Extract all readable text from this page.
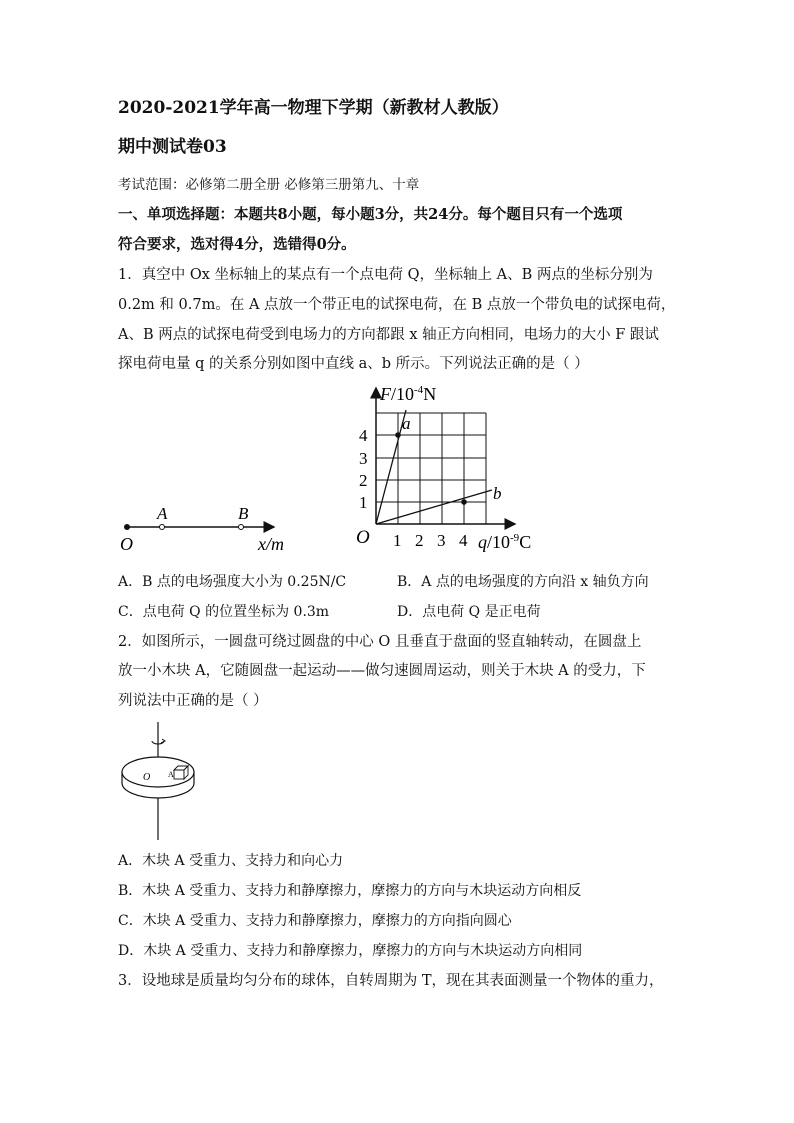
2020-2021学年高一物理下学期（新教材人教版）
期中测试卷03
考试范围：必修第二册全册 必修第三册第九、十章
一、单项选择题：本题共8小题，每小题3分，共24分。每个题目只有一个选项
符合要求，选对得4分，选错得0分。
1．真空中 Ox 坐标轴上的某点有一个点电荷 Q，坐标轴上 A、B 两点的坐标分别为
0.2m 和 0.7m。在 A 点放一个带正电的试探电荷，在 B 点放一个带负电的试探电荷，
A、B 两点的试探电荷受到电场力的方向都跟 x 轴正方向相同，电场力的大小 F 跟试
探电荷电量 q 的关系分别如图中直线 a、b 所示。下列说法正确的是（ ）
O
A	B
x/m
$F/10^{-4}N$
$q/10^{-9}C$
O 1 2 3 4
1
2
3
4
a
b
A．B 点的电场强度大小为 0.25N/C	B．A 点的电场强度的方向沿 x 轴负方向
C．点电荷 Q 的位置坐标为 0.3m	D．点电荷 Q 是正电荷
2．如图所示，一圆盘可绕过圆盘的中心 O 且垂直于盘面的竖直轴转动，在圆盘上
放一小木块 A，它随圆盘一起运动——做匀速圆周运动，则关于木块 A 的受力，下
列说法中正确的是（ ）
O A
A．木块 A 受重力、支持力和向心力
B．木块 A 受重力、支持力和静摩擦力，摩擦力的方向与木块运动方向相反
C．木块 A 受重力、支持力和静摩擦力，摩擦力的方向指向圆心
D．木块 A 受重力、支持力和静摩擦力，摩擦力的方向与木块运动方向相同
3．设地球是质量均匀分布的球体，自转周期为 T，现在其表面测量一个物体的重力，
